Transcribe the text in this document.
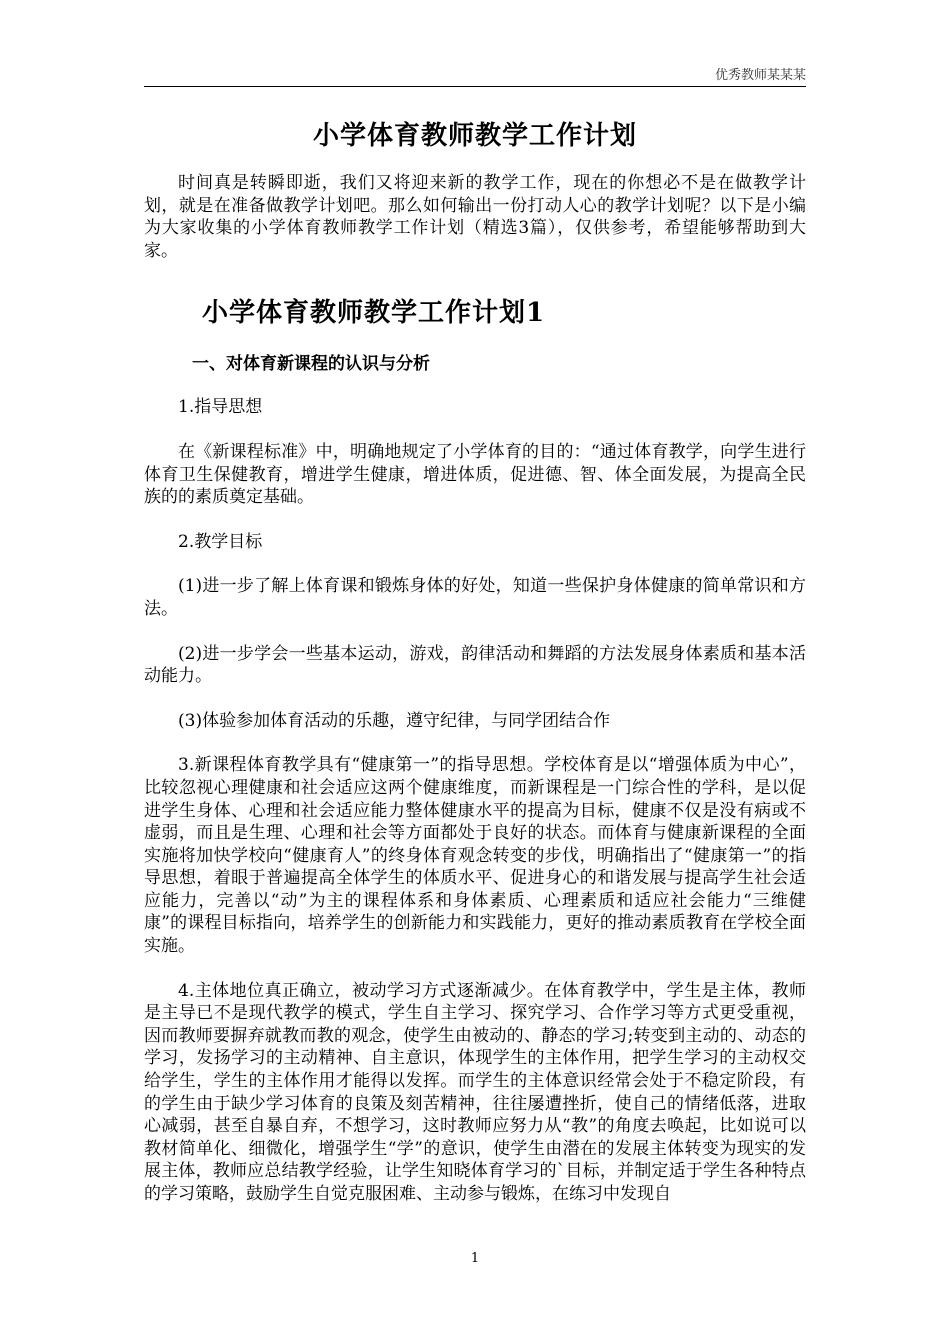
优秀教师某某某
小学体育教师教学工作计划

时间真是转瞬即逝，我们又将迎来新的教学工作，现在的你想必不是在做教学计划，就是在准备做教学计划吧。那么如何输出一份打动人心的教学计划呢？以下是小编为大家收集的小学体育教师教学工作计划（精选3篇），仅供参考，希望能够帮助到大家。

小学体育教师教学工作计划1
一、对体育新课程的认识与分析

1.指导思想

在《新课程标准》中，明确地规定了小学体育的目的：“通过体育教学，向学生进行体育卫生保健教育，增进学生健康，增进体质，促进德、智、体全面发展，为提高全民族的的素质奠定基础。

2.教学目标

(1)进一步了解上体育课和锻炼身体的好处，知道一些保护身体健康的简单常识和方法。

(2)进一步学会一些基本运动，游戏，韵律活动和舞蹈的方法发展身体素质和基本活动能力。

(3)体验参加体育活动的乐趣，遵守纪律，与同学团结合作

3.新课程体育教学具有“健康第一”的指导思想。学校体育是以“增强体质为中心”，比较忽视心理健康和社会适应这两个健康维度，而新课程是一门综合性的学科，是以促进学生身体、心理和社会适应能力整体健康水平的提高为目标，健康不仅是没有病或不虚弱，而且是生理、心理和社会等方面都处于良好的状态。而体育与健康新课程的全面实施将加快学校向“健康育人”的终身体育观念转变的步伐，明确指出了“健康第一”的指导思想，着眼于普遍提高全体学生的体质水平、促进身心的和谐发展与提高学生社会适应能力，完善以“动”为主的课程体系和身体素质、心理素质和适应社会能力“三维健康”的课程目标指向，培养学生的创新能力和实践能力，更好的推动素质教育在学校全面实施。

4.主体地位真正确立，被动学习方式逐渐减少。在体育教学中，学生是主体，教师是主导已不是现代教学的模式，学生自主学习、探究学习、合作学习等方式更受重视，因而教师要摒弃就教而教的观念，使学生由被动的、静态的学习;转变到主动的、动态的学习，发扬学习的主动精神、自主意识，体现学生的主体作用，把学生学习的主动权交给学生，学生的主体作用才能得以发挥。而学生的主体意识经常会处于不稳定阶段，有的学生由于缺少学习体育的良策及刻苦精神，往往屡遭挫折，使自己的情绪低落，进取心减弱，甚至自暴自弃，不想学习，这时教师应努力从“教”的角度去唤起，比如说可以教材简单化、细微化，增强学生“学”的意识，使学生由潜在的发展主体转变为现实的发展主体，教师应总结教学经验，让学生知晓体育学习的`目标，并制定适于学生各种特点的学习策略，鼓励学生自觉克服困难、主动参与锻炼，在练习中发现自

1
